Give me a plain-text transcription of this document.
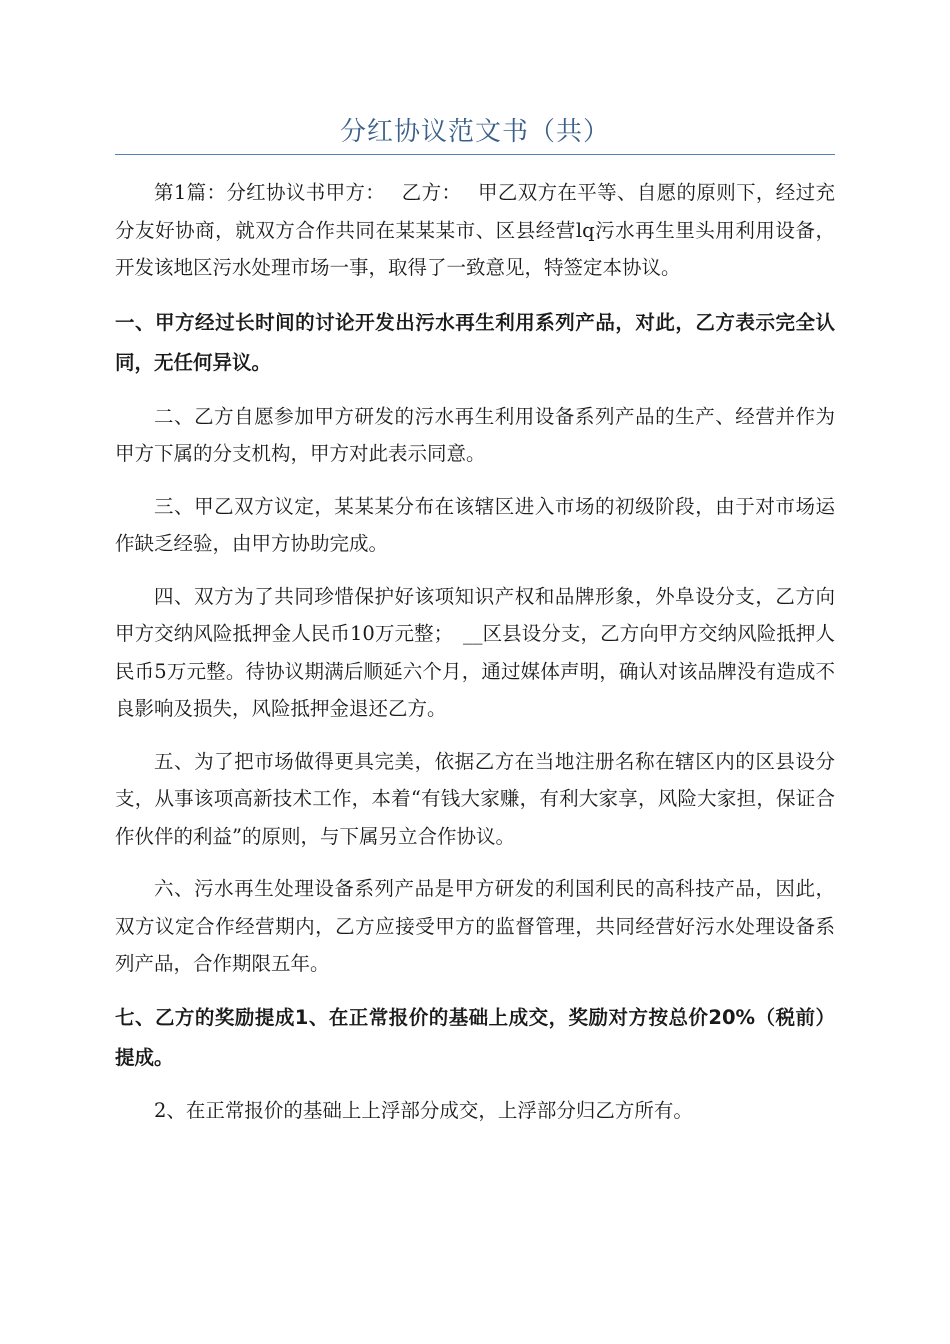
分红协议范文书（共）

第1篇：分红协议书甲方：　 乙方：　 甲乙双方在平等、自愿的原则下，经过充分友好协商，就双方合作共同在某某某市、区县经营lq污水再生里头用利用设备，开发该地区污水处理市场一事，取得了一致意见，特签定本协议。

一、甲方经过长时间的讨论开发出污水再生利用系列产品，对此，乙方表示完全认同，无任何异议。

二、乙方自愿参加甲方研发的污水再生利用设备系列产品的生产、经营并作为甲方下属的分支机构，甲方对此表示同意。

三、甲乙双方议定，某某某分布在该辖区进入市场的初级阶段，由于对市场运作缺乏经验，由甲方协助完成。

四、双方为了共同珍惜保护好该项知识产权和品牌形象，外阜设分支，乙方向甲方交纳风险抵押金人民币10万元整；　__区县设分支，乙方向甲方交纳风险抵押人民币5万元整。待协议期满后顺延六个月，通过媒体声明，确认对该品牌没有造成不良影响及损失，风险抵押金退还乙方。

五、为了把市场做得更具完美，依据乙方在当地注册名称在辖区内的区县设分支，从事该项高新技术工作，本着“有钱大家赚，有利大家享，风险大家担，保证合作伙伴的利益”的原则，与下属另立合作协议。

六、污水再生处理设备系列产品是甲方研发的利国利民的高科技产品，因此，双方议定合作经营期内，乙方应接受甲方的监督管理，共同经营好污水处理设备系列产品，合作期限五年。

七、乙方的奖励提成1、在正常报价的基础上成交，奖励对方按总价20%（税前）提成。

2、在正常报价的基础上上浮部分成交，上浮部分归乙方所有。
